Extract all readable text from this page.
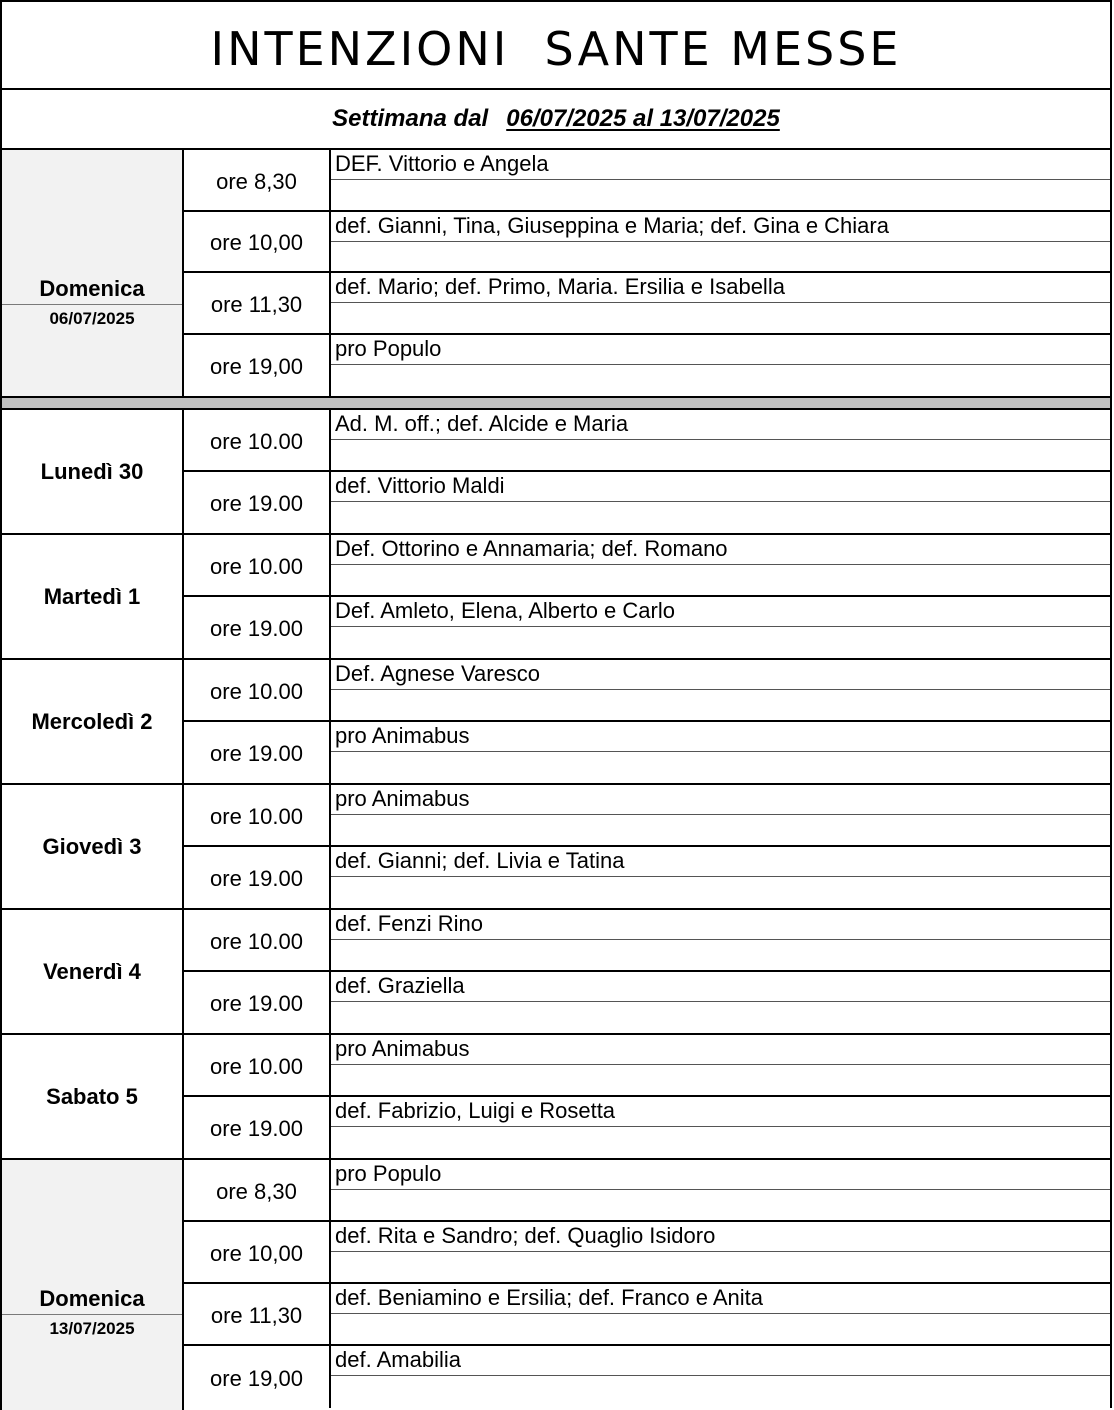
INTENZIONI  SANTE MESSE
Settimana dal 06/07/2025 al 13/07/2025
Domenica
06/07/2025
ore 8,30
DEF. Vittorio e Angela
ore 10,00
def. Gianni, Tina, Giuseppina e Maria; def. Gina e Chiara
ore 11,30
def. Mario; def. Primo, Maria. Ersilia e Isabella
ore 19,00
pro Populo
Lunedì 30
ore 10.00
Ad. M. off.; def. Alcide e Maria
ore 19.00
def. Vittorio Maldi
Martedì 1
ore 10.00
Def. Ottorino e Annamaria; def. Romano
ore 19.00
Def. Amleto, Elena, Alberto e Carlo
Mercoledì 2
ore 10.00
Def. Agnese Varesco
ore 19.00
pro Animabus
Giovedì 3
ore 10.00
pro Animabus
ore 19.00
def. Gianni; def. Livia e Tatina
Venerdì 4
ore 10.00
def. Fenzi Rino
ore 19.00
def. Graziella
Sabato 5
ore 10.00
pro Animabus
ore 19.00
def. Fabrizio, Luigi e Rosetta
Domenica
13/07/2025
ore 8,30
pro Populo
ore 10,00
def. Rita e Sandro; def. Quaglio Isidoro
ore 11,30
def. Beniamino e Ersilia; def. Franco e Anita
ore 19,00
def. Amabilia
